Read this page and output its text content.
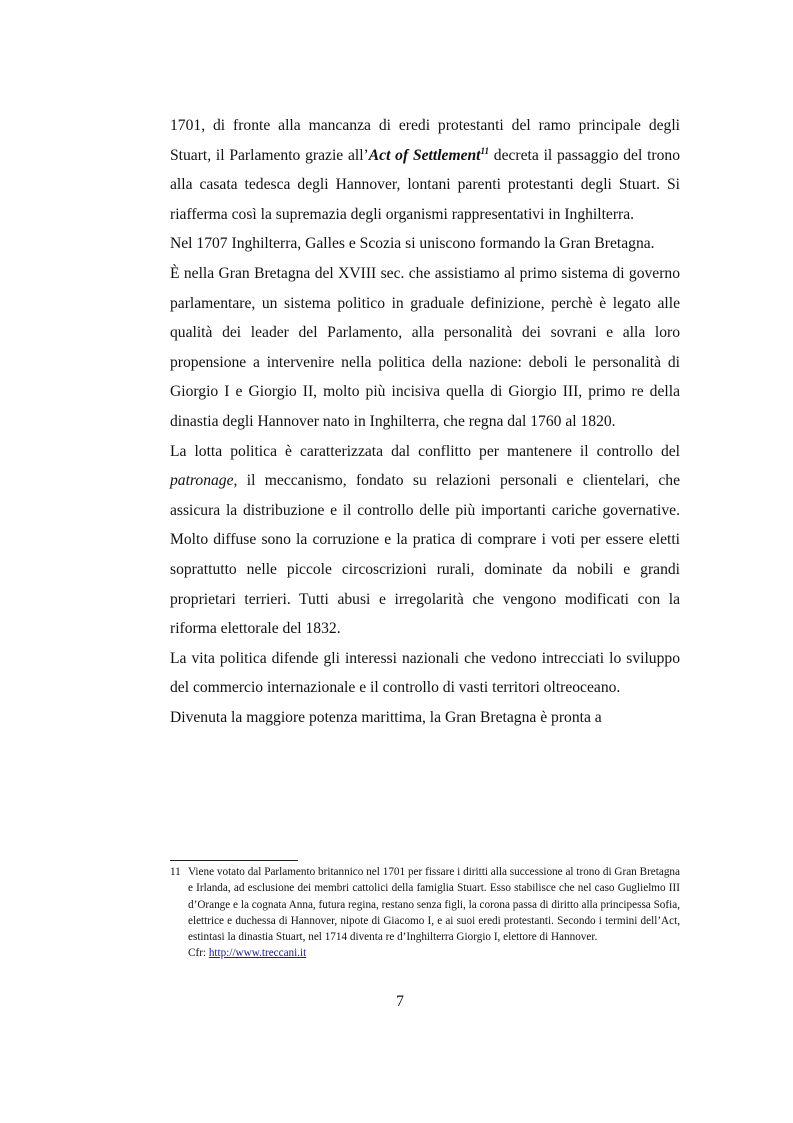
1701, di fronte alla mancanza di eredi protestanti del ramo principale degli Stuart, il Parlamento grazie all’Act of Settlement$^{11}$ decreta il passaggio del trono alla casata tedesca degli Hannover, lontani parenti protestanti degli Stuart. Si riafferma così la supremazia degli organismi rappresentativi in Inghilterra.

Nel 1707 Inghilterra, Galles e Scozia si uniscono formando la Gran Bretagna.

È nella Gran Bretagna del XVIII sec. che assistiamo al primo sistema di governo parlamentare, un sistema politico in graduale definizione, perchè è legato alle qualità dei leader del Parlamento, alla personalità dei sovrani e alla loro propensione a intervenire nella politica della nazione: deboli le personalità di Giorgio I e Giorgio II, molto più incisiva quella di Giorgio III, primo re della dinastia degli Hannover nato in Inghilterra, che regna dal 1760 al 1820.

La lotta politica è caratterizzata dal conflitto per mantenere il controllo del patronage, il meccanismo, fondato su relazioni personali e clientelari, che assicura la distribuzione e il controllo delle più importanti cariche governative. Molto diffuse sono la corruzione e la pratica di comprare i voti per essere eletti soprattutto nelle piccole circoscrizioni rurali, dominate da nobili e grandi proprietari terrieri. Tutti abusi e irregolarità che vengono modificati con la riforma elettorale del 1832.

La vita politica difende gli interessi nazionali che vedono intrecciati lo sviluppo del commercio internazionale e il controllo di vasti territori oltreoceano.

Divenuta la maggiore potenza marittima, la Gran Bretagna è pronta a

11 Viene votato dal Parlamento britannico nel 1701 per fissare i diritti alla successione al trono di Gran Bretagna e Irlanda, ad esclusione dei membri cattolici della famiglia Stuart. Esso stabilisce che nel caso Guglielmo III d’Orange e la cognata Anna, futura regina, restano senza figli, la corona passa di diritto alla principessa Sofia, elettrice e duchessa di Hannover, nipote di Giacomo I, e ai suoi eredi protestanti. Secondo i termini dell’Act, estintasi la dinastia Stuart, nel 1714 diventa re d’Inghilterra Giorgio I, elettore di Hannover.
Cfr: http://www.treccani.it
7
